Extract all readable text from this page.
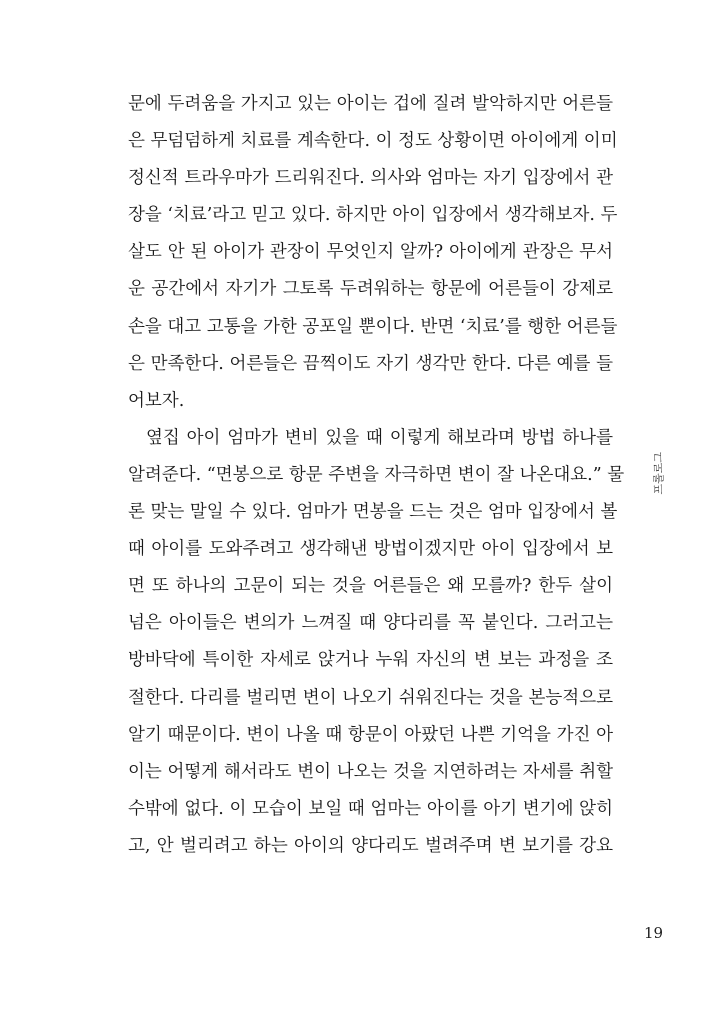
문에 두려움을 가지고 있는 아이는 겁에 질려 발악하지만 어른들
은 무덤덤하게 치료를 계속한다. 이 정도 상황이면 아이에게 이미
정신적 트라우마가 드리워진다. 의사와 엄마는 자기 입장에서 관
장을 ‘치료’라고 믿고 있다. 하지만 아이 입장에서 생각해보자. 두
살도 안 된 아이가 관장이 무엇인지 알까? 아이에게 관장은 무서
운 공간에서 자기가 그토록 두려워하는 항문에 어른들이 강제로
손을 대고 고통을 가한 공포일 뿐이다. 반면 ‘치료’를 행한 어른들
은 만족한다. 어른들은 끔찍이도 자기 생각만 한다. 다른 예를 들
어보자.
옆집 아이 엄마가 변비 있을 때 이렇게 해보라며 방법 하나를
알려준다. “면봉으로 항문 주변을 자극하면 변이 잘 나온대요.” 물
론 맞는 말일 수 있다. 엄마가 면봉을 드는 것은 엄마 입장에서 볼
때 아이를 도와주려고 생각해낸 방법이겠지만 아이 입장에서 보
면 또 하나의 고문이 되는 것을 어른들은 왜 모를까? 한두 살이
넘은 아이들은 변의가 느껴질 때 양다리를 꼭 붙인다. 그러고는
방바닥에 특이한 자세로 앉거나 누워 자신의 변 보는 과정을 조
절한다. 다리를 벌리면 변이 나오기 쉬워진다는 것을 본능적으로
알기 때문이다. 변이 나올 때 항문이 아팠던 나쁜 기억을 가진 아
이는 어떻게 해서라도 변이 나오는 것을 지연하려는 자세를 취할
수밖에 없다. 이 모습이 보일 때 엄마는 아이를 아기 변기에 앉히
고, 안 벌리려고 하는 아이의 양다리도 벌려주며 변 보기를 강요
프롤로그
19
